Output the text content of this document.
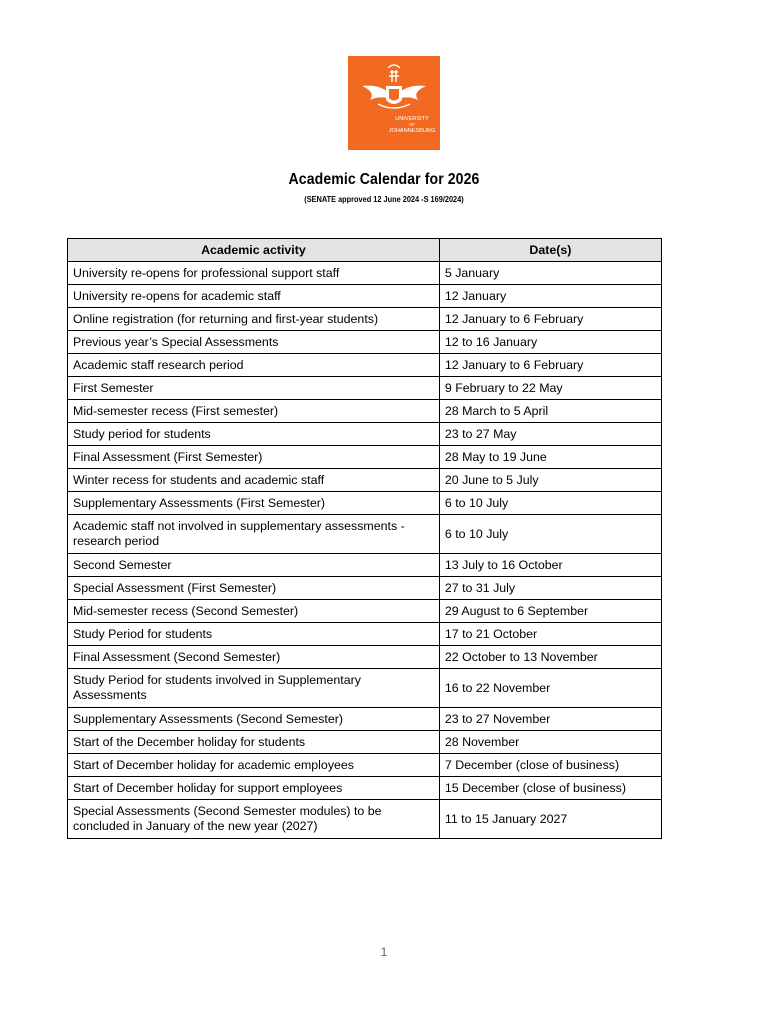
UNIVERSITY
OF
JOHANNESBURG
Academic Calendar for 2026
(SENATE approved 12 June 2024 -S 169/2024)
Academic activity	Date(s)
University re-opens for professional support staff	5 January
University re-opens for academic staff	12 January
Online registration (for returning and first-year students)	12 January to 6 February
Previous year’s Special Assessments	12 to 16 January
Academic staff research period	12 January to 6 February
First Semester	9 February to 22 May
Mid-semester recess (First semester)	28 March to 5 April
Study period for students	23 to 27 May
Final Assessment (First Semester)	28 May to 19 June
Winter recess for students and academic staff	20 June to 5 July
Supplementary Assessments (First Semester)	6 to 10 July
Academic staff not involved in supplementary assessments - research period	6 to 10 July
Second Semester	13 July to 16 October
Special Assessment (First Semester)	27 to 31 July
Mid-semester recess (Second Semester)	29 August to 6 September
Study Period for students	17 to 21 October
Final Assessment (Second Semester)	22 October to 13 November
Study Period for students involved in Supplementary Assessments	16 to 22 November
Supplementary Assessments (Second Semester)	23 to 27 November
Start of the December holiday for students	28 November
Start of December holiday for academic employees	7 December (close of business)
Start of December holiday for support employees	15 December (close of business)
Special Assessments (Second Semester modules) to be concluded in January of the new year (2027)	11 to 15 January 2027
1
